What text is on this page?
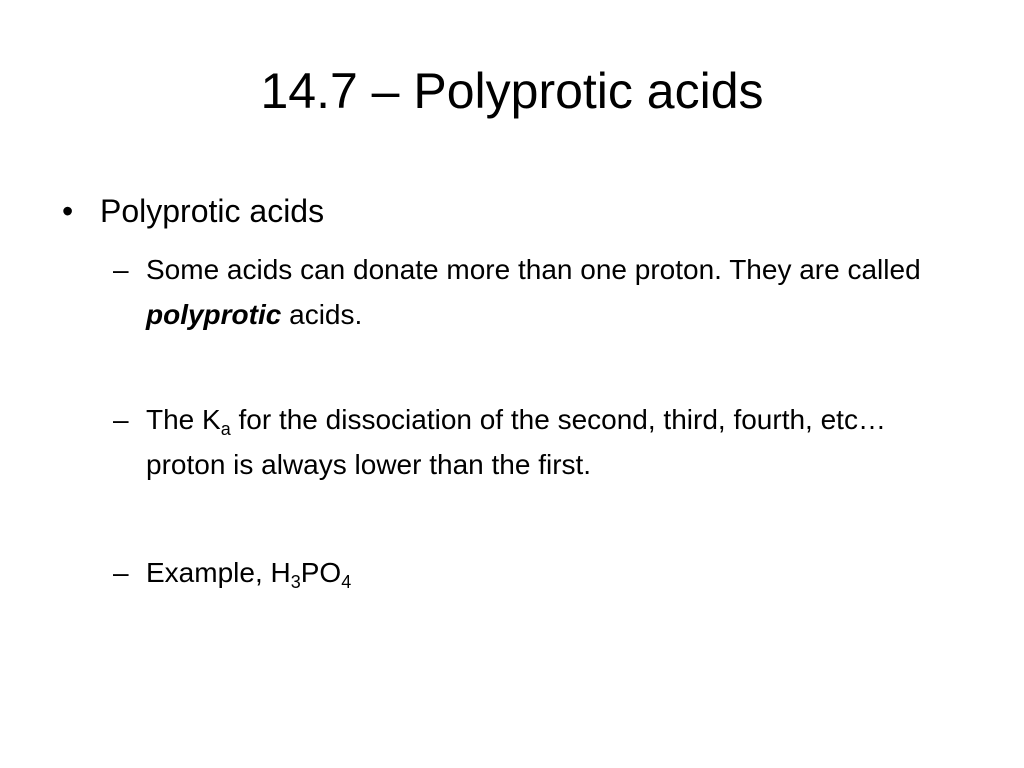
14.7 – Polyprotic acids
• Polyprotic acids
– Some acids can donate more than one proton. They are called polyprotic acids.
– The $K_a$ for the dissociation of the second, third, fourth, etc… proton is always lower than the first.
– Example, $H_3PO_4$
